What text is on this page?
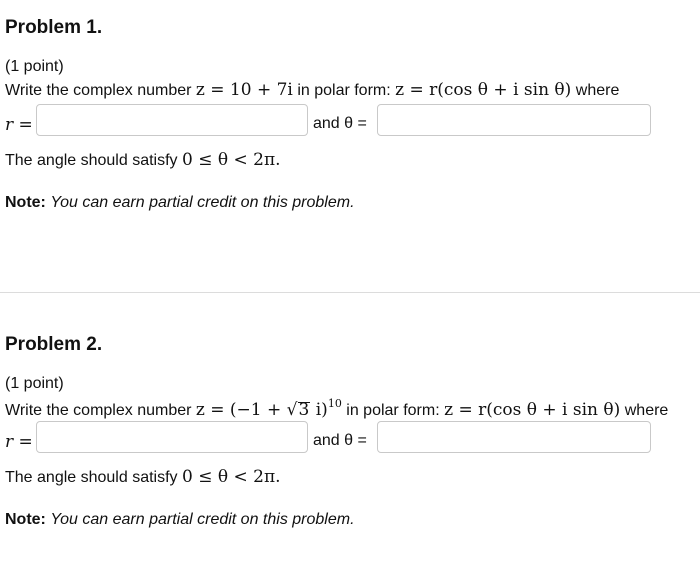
Problem 1.
(1 point)
Write the complex number z = 10 + 7i in polar form: z = r(cos θ + i sin θ) where
r =	and θ =
The angle should satisfy 0 ≤ θ < 2π.
Note: You can earn partial credit on this problem.
Problem 2.
(1 point)
Write the complex number z = (−1 + √3 i)$^{10}$ in polar form: z = r(cos θ + i sin θ) where
r =	and θ =
The angle should satisfy 0 ≤ θ < 2π.
Note: You can earn partial credit on this problem.
